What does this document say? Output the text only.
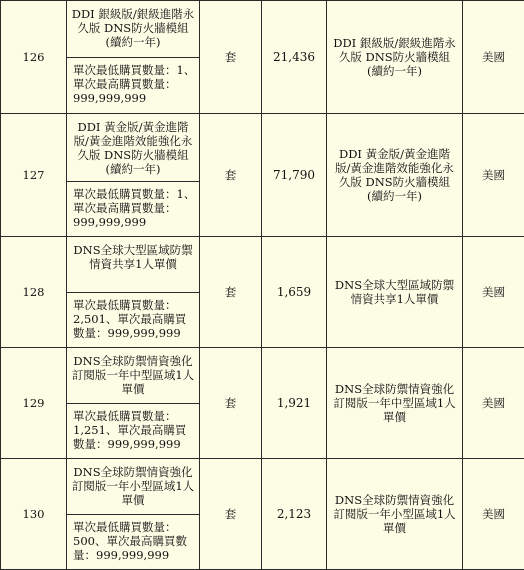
126	DDI 銀級版/銀級進階永久版 DNS防火牆模組 (續約一年)	套	21,436	DDI 銀級版/銀級進階永久版 DNS防火牆模組 (續約一年)	美國
	單次最低購買數量：1、單次最高購買數量：999,999,999				
127	DDI 黃金版/黃金進階版/黃金進階效能強化永久版 DNS防火牆模組 (續約一年)	套	71,790	DDI 黃金版/黃金進階版/黃金進階效能強化永久版 DNS防火牆模組 (續約一年)	美國
	單次最低購買數量：1、單次最高購買數量：999,999,999				
128	DNS全球大型區域防禦情資共享1人單價	套	1,659	DNS全球大型區域防禦情資共享1人單價	美國
	單次最低購買數量：2,501、單次最高購買數量：999,999,999				
129	DNS全球防禦情資強化訂閱版一年中型區域1人單價	套	1,921	DNS全球防禦情資強化訂閱版一年中型區域1人單價	美國
	單次最低購買數量：1,251、單次最高購買數量：999,999,999				
130	DNS全球防禦情資強化訂閱版一年小型區域1人單價	套	2,123	DNS全球防禦情資強化訂閱版一年小型區域1人單價	美國
	單次最低購買數量：500、單次最高購買數量：999,999,999				
